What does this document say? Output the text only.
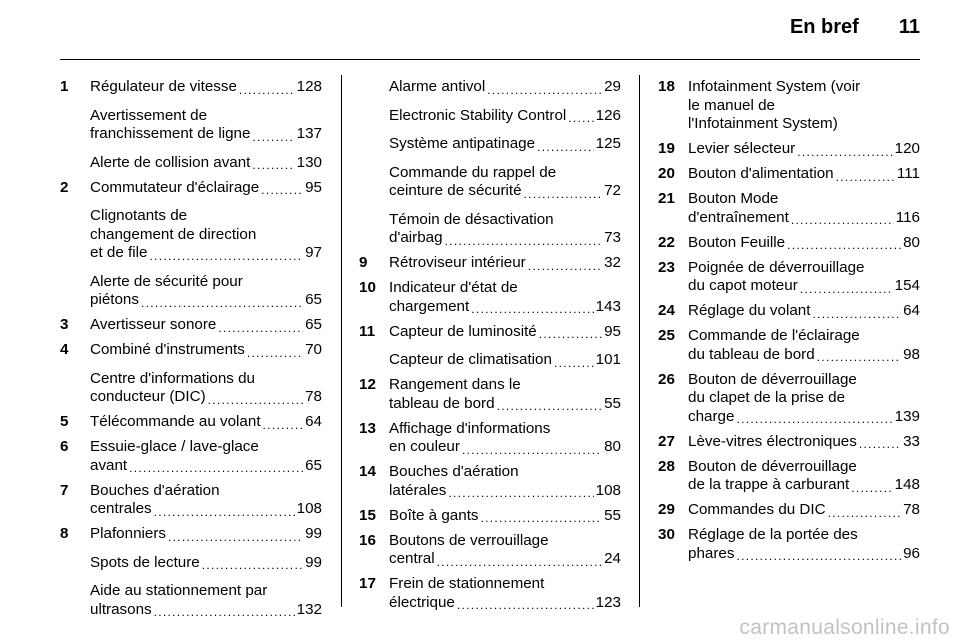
En bref 11
1 Régulateur de vitesse .....	128
Avertissement de
franchissement de ligne .....	137
Alerte de collision avant .....	130
2 Commutateur d'éclairage .....	95
Clignotants de
changement de direction
et de file .....	97
Alerte de sécurité pour
piétons .....	65
3 Avertisseur sonore .....	65
4 Combiné d'instruments .....	70
Centre d'informations du
conducteur (DIC) .....	78
5 Télécommande au volant .....	64
6 Essuie-glace / lave-glace
avant .....	65
7 Bouches d'aération
centrales .....	108
8 Plafonniers .....	99
Spots de lecture .....	99
Aide au stationnement par
ultrasons .....	132
Alarme antivol .....	29
Electronic Stability Control ..... 126
Système antipatinage .....	125
Commande du rappel de
ceinture de sécurité .....	72
Témoin de désactivation
d'airbag .....	73
9 Rétroviseur intérieur .....	32
10 Indicateur d'état de
chargement .....	143
11 Capteur de luminosité .....	95
Capteur de climatisation .....	101
12 Rangement dans le
tableau de bord .....	55
13 Affichage d'informations
en couleur .....	80
14 Bouches d'aération
latérales .....	108
15 Boîte à gants .....	55
16 Boutons de verrouillage
central .....	24
17 Frein de stationnement
électrique .....	123
18 Infotainment System (voir
le manuel de
l'Infotainment System)
19 Levier sélecteur .....	120
20 Bouton d'alimentation .....	111
21 Bouton Mode
d'entraînement .....	116
22 Bouton Feuille .....	80
23 Poignée de déverrouillage
du capot moteur .....	154
24 Réglage du volant .....	64
25 Commande de l'éclairage
du tableau de bord .....	98
26 Bouton de déverrouillage
du clapet de la prise de
charge .....	139
27 Lève-vitres électroniques .....	33
28 Bouton de déverrouillage
de la trappe à carburant .....	148
29 Commandes du DIC .....	78
30 Réglage de la portée des
phares .....	96
carmanualsonline.info
